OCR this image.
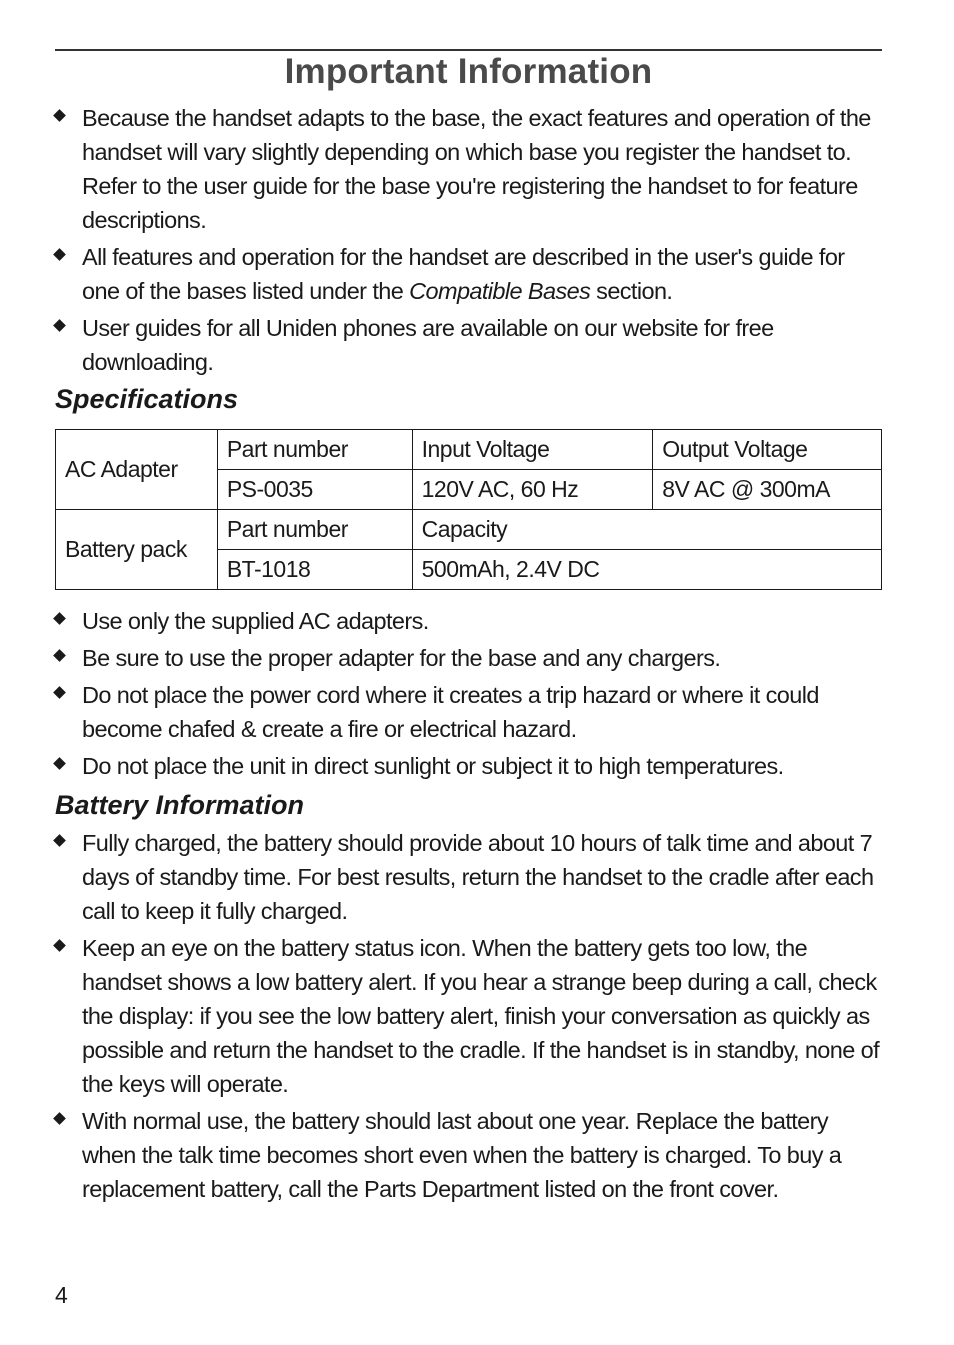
Important Information
Because the handset adapts to the base, the exact features and operation of the handset will vary slightly depending on which base you register the handset to. Refer to the user guide for the base you're registering the handset to for feature descriptions.
All features and operation for the handset are described in the user's guide for one of the bases listed under the Compatible Bases section.
User guides for all Uniden phones are available on our website for free downloading.
Specifications
AC Adapter	Part number	Input Voltage	Output Voltage
	PS-0035	120V AC, 60 Hz	8V AC @ 300mA
Battery pack	Part number	Capacity	
	BT-1018	500mAh, 2.4V DC	
Use only the supplied AC adapters.
Be sure to use the proper adapter for the base and any chargers.
Do not place the power cord where it creates a trip hazard or where it could become chafed & create a fire or electrical hazard.
Do not place the unit in direct sunlight or subject it to high temperatures.
Battery Information
Fully charged, the battery should provide about 10 hours of talk time and about 7 days of standby time. For best results, return the handset to the cradle after each call to keep it fully charged.
Keep an eye on the battery status icon. When the battery gets too low, the handset shows a low battery alert. If you hear a strange beep during a call, check the display: if you see the low battery alert, finish your conversation as quickly as possible and return the handset to the cradle. If the handset is in standby, none of the keys will operate.
With normal use, the battery should last about one year. Replace the battery when the talk time becomes short even when the battery is charged. To buy a replacement battery, call the Parts Department listed on the front cover.
4
